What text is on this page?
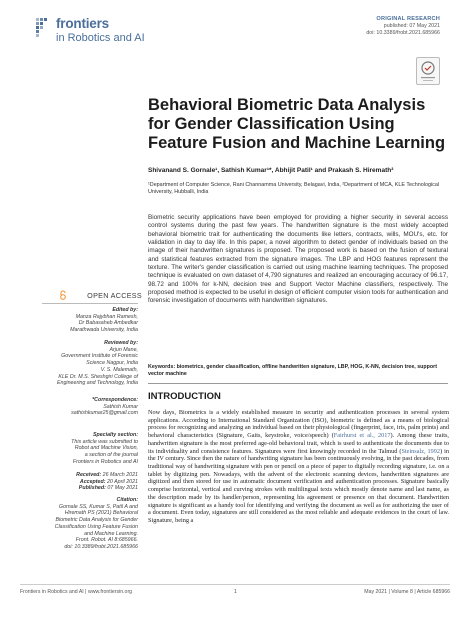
frontiers
in Robotics and AI
ORIGINAL RESEARCH
published: 07 May 2021
doi: 10.3389/frobt.2021.685966
Behavioral Biometric Data Analysis for Gender Classification Using Feature Fusion and Machine Learning
Shivanand S. Gornale¹, Sathish Kumar¹*, Abhijit Patil¹ and Prakash S. Hiremath²

¹Department of Computer Science, Rani Channamma University, Belagavi, India, ²Department of MCA, KLE Technological University, Hubballi, India

Biometric security applications have been employed for providing a higher security in several access control systems during the past few years. The handwritten signature is the most widely accepted behavioral biometric trait for authenticating the documents like letters, contracts, wills, MOU's, etc. for validation in day to day life. In this paper, a novel algorithm to detect gender of individuals based on the image of their handwritten signatures is proposed. The proposed work is based on the fusion of textural and statistical features extracted from the signature images. The LBP and HOG features represent the texture. The writer's gender classification is carried out using machine learning techniques. The proposed technique is evaluated on own dataset of 4,790 signatures and realized an encouraging accuracy of 96.17, 98.72 and 100% for k-NN, decision tree and Support Vector Machine classifiers, respectively. The proposed method is expected to be useful in design of efficient computer vision tools for authentication and forensic investigation of documents with handwritten signatures.

Keywords: biometrics, gender classification, offline handwritten signature, LBP, HOG, K-NN, decision tree, support vector machine
INTRODUCTION

Now days, Biometrics is a widely established measure in security and authentication processes in several system applications. According to International Standard Organization (ISO), biometric is defined as a means of biological process for recognizing and analyzing an individual based on their physiological (fingerprint, face, iris, palm prints) and behavioral characteristics (Signature, Gaits, keystroke, voice/speech) (Fairhurst et al., 2017). Among these traits, handwritten signature is the most preferred age-old behavioral trait, which is used to authenticate the documents due to its individuality and consistence features. Signatures were first knowingly recorded in the Talmud (Steinsalz, 1992) in the IV century. Since then the nature of handwriting signature has been continuously evolving, in the past decades, from traditional way of handwriting signature with pen or pencil on a piece of paper to digitally recording signature, i.e. on a tablet by digitizing pen. Nowadays, with the advent of the electronic scanning devices, handwritten signatures are digitized and then stored for use in automatic document verification and authentication processes. Signature basically comprise horizontal, vertical and curving strokes with multilingual texts which mostly denote name and last name, as the description made by its handler/person, representing his agreement or presence on that document. Handwritten signature is significant as a handy tool for identifying and verifying the document as well as for authorizing the user of a document. Even today, signatures are still considered as the most reliable and adequate evidences in the court of law. Signature, being a

OPEN ACCESS
Edited by:
Manza Rajybhan Ramesh,
Dr Babasaheb Ambedkar
Marathwada University, India
Reviewed by:
Arjun Mane,
Government Institute of Forensic
Science Nagpur, India
V. S. Malemath,
KLE Dr. M.S. Sheshgiri College of
Engineering and Technology, India
*Correspondence:
Sathish Kumar
sathishkumar25@gmail.com
Specialty section:
This article was submitted to
Robot and Machine Vision,
a section of the journal
Frontiers in Robotics and AI
Received: 26 March 2021
Accepted: 20 April 2021
Published: 07 May 2021
Citation:
Gornale SS, Kumar S, Patil A and
Hiremath PS (2021) Behavioral
Biometric Data Analysis for Gender
Classification Using Feature Fusion
and Machine Learning.
Front. Robot. AI 8:685966.
doi: 10.3389/frobt.2021.685966
Frontiers in Robotics and AI | www.frontiersin.org	1	May 2021 | Volume 8 | Article 685966
